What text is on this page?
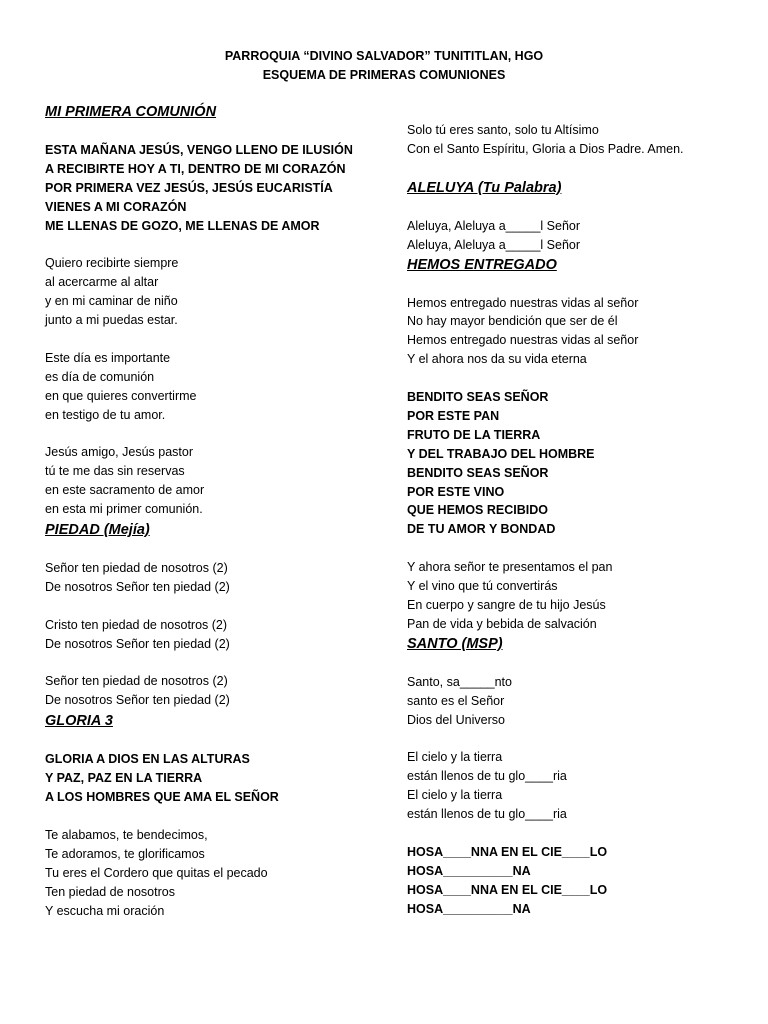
PARROQUIA “DIVINO SALVADOR” TUNITITLAN, HGO
ESQUEMA DE PRIMERAS COMUNIONES
MI PRIMERA COMUNIÓN
ESTA MAÑANA JESÚS, VENGO LLENO DE ILUSIÓN
A RECIBIRTE HOY A TI, DENTRO DE MI CORAZÓN
POR PRIMERA VEZ JESÚS, JESÚS EUCARISTÍA
VIENES A MI CORAZÓN
ME LLENAS DE GOZO, ME LLENAS DE AMOR
Quiero recibirte siempre
al acercarme al altar
y en mi caminar de niño
junto a mi puedas estar.
Este día es importante
es día de comunión
en que quieres convertirme
en testigo de tu amor.
Jesús amigo, Jesús pastor
tú te me das sin reservas
en este sacramento de amor
en esta mi primer comunión.
PIEDAD (Mejía)
Señor ten piedad de nosotros (2)
De nosotros Señor ten piedad (2)
Cristo ten piedad de nosotros (2)
De nosotros Señor ten piedad (2)
Señor ten piedad de nosotros (2)
De nosotros Señor ten piedad (2)
GLORIA 3
GLORIA A DIOS EN LAS ALTURAS
Y PAZ, PAZ EN LA TIERRA
A LOS HOMBRES QUE AMA EL SEÑOR
Te alabamos, te bendecimos,
Te adoramos, te glorificamos
Tu eres el Cordero que quitas el pecado
Ten piedad de nosotros
Y escucha mi oración
Solo tú eres santo, solo tu Altísimo
Con el Santo Espíritu, Gloria a Dios Padre. Amen.
ALELUYA (Tu Palabra)
Aleluya, Aleluya a_____l Señor
Aleluya, Aleluya a_____l Señor
HEMOS ENTREGADO
Hemos entregado nuestras vidas al señor
No hay mayor bendición que ser de él
Hemos entregado nuestras vidas al señor
Y el ahora nos da su vida eterna
BENDITO SEAS SEÑOR
POR ESTE PAN
FRUTO DE LA TIERRA
Y DEL TRABAJO DEL HOMBRE
BENDITO SEAS SEÑOR
POR ESTE VINO
QUE HEMOS RECIBIDO
DE TU AMOR Y BONDAD
Y ahora señor te presentamos el pan
Y el vino que tú convertirás
En cuerpo y sangre de tu hijo Jesús
Pan de vida y bebida de salvación
SANTO (MSP)
Santo, sa_____nto
santo es el Señor
Dios del Universo
El cielo y la tierra
están llenos de tu glo____ria
El cielo y la tierra
están llenos de tu glo____ria
HOSA____NNA EN EL CIE____LO
HOSA__________NA
HOSA____NNA EN EL CIE____LO
HOSA__________NA
